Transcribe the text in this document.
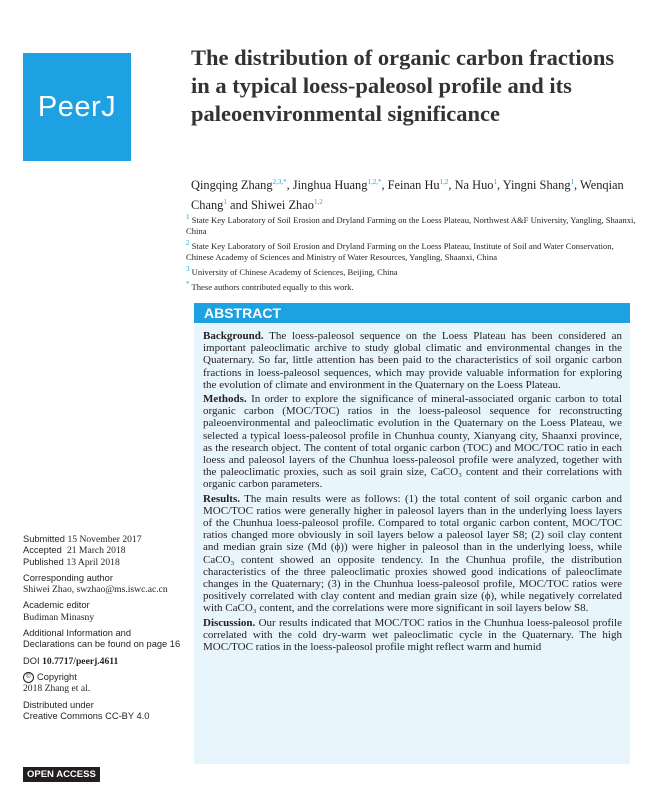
PeerJ
The distribution of organic carbon fractions in a typical loess-paleosol profile and its paleoenvironmental significance

Qingqing Zhang$^{2,3,*}$, Jinghua Huang$^{1,2,*}$, Feinan Hu$^{1,2}$, Na Huo$^1$, Yingni Shang$^1$, Wenqian Chang$^1$ and Shiwei Zhao$^{1,2}$

$^1$ State Key Laboratory of Soil Erosion and Dryland Farming on the Loess Plateau, Northwest A&F University, Yangling, Shaanxi, China

$^2$ State Key Laboratory of Soil Erosion and Dryland Farming on the Loess Plateau, Institute of Soil and Water Conservation, Chinese Academy of Sciences and Ministry of Water Resources, Yangling, Shaanxi, China

$^3$ University of Chinese Academy of Sciences, Beijing, China

* These authors contributed equally to this work.

Submitted 15 November 2017
Accepted 21 March 2018
Published 13 April 2018
Corresponding author
Shiwei Zhao, swzhao@ms.iswc.ac.cn
Academic editor
Budiman Minasny
Additional Information and Declarations can be found on page 16
DOI 10.7717/peerj.4611
© Copyright
2018 Zhang et al.
Distributed under
Creative Commons CC-BY 4.0
OPEN ACCESS
ABSTRACT

Background. The loess-paleosol sequence on the Loess Plateau has been considered an important paleoclimatic archive to study global climatic and environmental changes in the Quaternary. So far, little attention has been paid to the characteristics of soil organic carbon fractions in loess-paleosol sequences, which may provide valuable information for exploring the evolution of climate and environment in the Quaternary on the Loess Plateau.

Methods. In order to explore the significance of mineral-associated organic carbon to total organic carbon (MOC/TOC) ratios in the loess-paleosol sequence for reconstructing paleoenvironmental and paleoclimatic evolution in the Quaternary on the Loess Plateau, we selected a typical loess-paleosol profile in Chunhua county, Xianyang city, Shaanxi province, as the research object. The content of total organic carbon (TOC) and MOC/TOC ratio in each loess and paleosol layers of the Chunhua loess-paleosol profile were analyzed, together with the paleoclimatic proxies, such as soil grain size, CaCO₃ content and their correlations with organic carbon parameters.

Results. The main results were as follows: (1) the total content of soil organic carbon and MOC/TOC ratios were generally higher in paleosol layers than in the underlying loess layers of the Chunhua loess-paleosol profile. Compared to total organic carbon content, MOC/TOC ratios changed more obviously in soil layers below a paleosol layer S8; (2) soil clay content and median grain size (Md (ϕ)) were higher in paleosol than in the underlying loess, while CaCO₃ content showed an opposite tendency. In the Chunhua profile, the distribution characteristics of the three paleoclimatic proxies showed good indications of paleoclimate changes in the Quaternary; (3) in the Chunhua loess-paleosol profile, MOC/TOC ratios were positively correlated with clay content and median grain size (ϕ), while negatively correlated with CaCO₃ content, and the correlations were more significant in soil layers below S8.

Discussion. Our results indicated that MOC/TOC ratios in the Chunhua loess-paleosol profile correlated with the cold dry-warm wet paleoclimatic cycle in the Quaternary. The high MOC/TOC ratios in the loess-paleosol profile might reflect warm and humid
